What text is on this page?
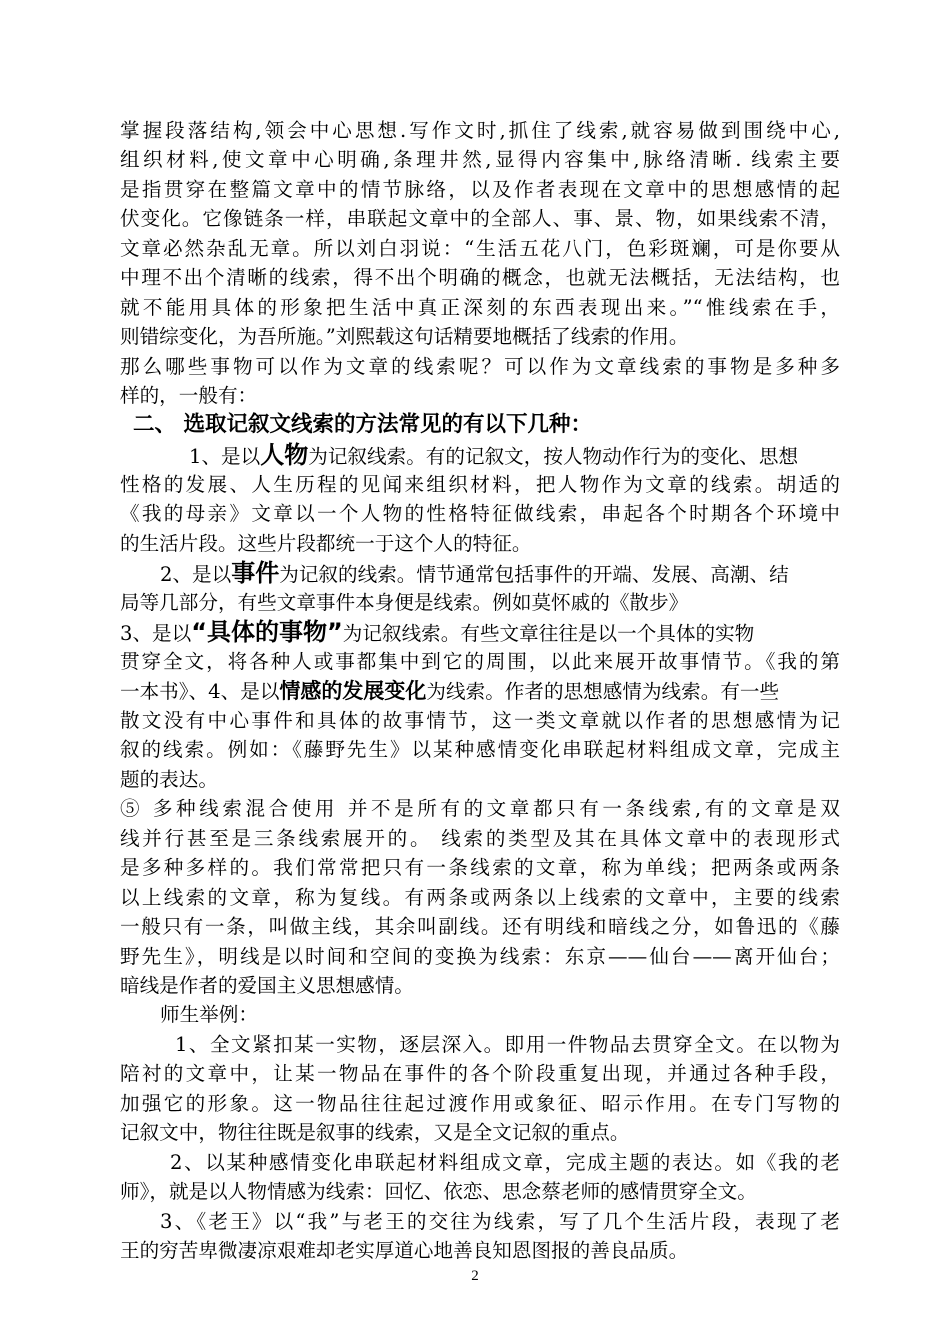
掌握段落结构,领会中心思想.写作文时,抓住了线索,就容易做到围绕中心,
组织材料,使文章中心明确,条理井然,显得内容集中,脉络清晰. 线索主要
是指贯穿在整篇文章中的情节脉络，以及作者表现在文章中的思想感情的起
伏变化。它像链条一样，串联起文章中的全部人、事、景、物，如果线索不清，
文章必然杂乱无章。所以刘白羽说：“生活五花八门，色彩斑斓，可是你要从
中理不出个清晰的线索，得不出个明确的概念，也就无法概括，无法结构，也
就不能用具体的形象把生活中真正深刻的东西表现出来。”“惟线索在手，
则错综变化，为吾所施。”刘熙载这句话精要地概括了线索的作用。
那么哪些事物可以作为文章的线索呢？可以作为文章线索的事物是多种多
样的，一般有：
二、 选取记叙文线索的方法常见的有以下几种：
1、是以人物为记叙线索。有的记叙文，按人物动作行为的变化、思想
性格的发展、人生历程的见闻来组织材料，把人物作为文章的线索。胡适的
《我的母亲》文章以一个人物的性格特征做线索，串起各个时期各个环境中
的生活片段。这些片段都统一于这个人的特征。
2、是以事件为记叙的线索。情节通常包括事件的开端、发展、高潮、结
局等几部分，有些文章事件本身便是线索。例如莫怀戚的《散步》
3、是以“具体的事物”为记叙线索。有些文章往往是以一个具体的实物
贯穿全文，将各种人或事都集中到它的周围，以此来展开故事情节。《我的第
一本书》、4、是以情感的发展变化为线索。作者的思想感情为线索。有一些
散文没有中心事件和具体的故事情节，这一类文章就以作者的思想感情为记
叙的线索。例如：《藤野先生》以某种感情变化串联起材料组成文章，完成主
题的表达。
⑤ 多种线索混合使用 并不是所有的文章都只有一条线索,有的文章是双
线并行甚至是三条线索展开的。 线索的类型及其在具体文章中的表现形式
是多种多样的。我们常常把只有一条线索的文章，称为单线；把两条或两条
以上线索的文章，称为复线。有两条或两条以上线索的文章中，主要的线索
一般只有一条，叫做主线，其余叫副线。还有明线和暗线之分，如鲁迅的《藤
野先生》，明线是以时间和空间的变换为线索：东京——仙台——离开仙台；
暗线是作者的爱国主义思想感情。
师生举例：
1、全文紧扣某一实物，逐层深入。即用一件物品去贯穿全文。在以物为
陪衬的文章中，让某一物品在事件的各个阶段重复出现，并通过各种手段，
加强它的形象。这一物品往往起过渡作用或象征、昭示作用。在专门写物的
记叙文中，物往往既是叙事的线索，又是全文记叙的重点。
2、以某种感情变化串联起材料组成文章，完成主题的表达。如《我的老
师》，就是以人物情感为线索：回忆、依恋、思念蔡老师的感情贯穿全文。
3、《老王》以“我”与老王的交往为线索，写了几个生活片段，表现了老
王的穷苦卑微凄凉艰难却老实厚道心地善良知恩图报的善良品质。
2
